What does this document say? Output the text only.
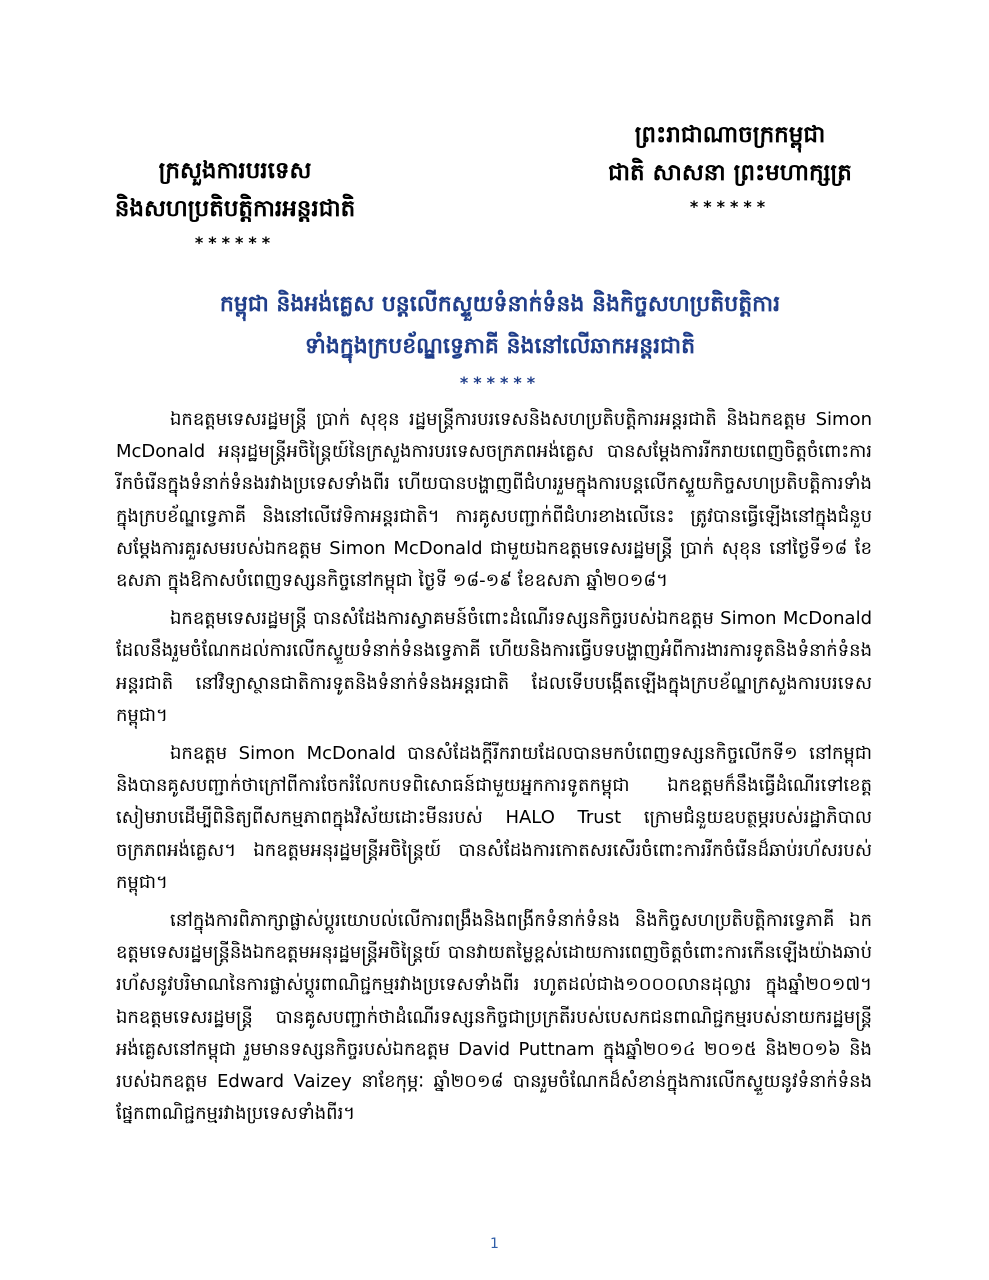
ព្រះរាជាណាចក្រកម្ពុជា
ជាតិ សាសនា ព្រះមហាក្សត្រ
******
ក្រសួងការបរទេស
និងសហប្រតិបត្តិការអន្តរជាតិ
******
កម្ពុជា និងអង់គ្លេស បន្តលើកស្ទួយទំនាក់ទំនង និងកិច្ចសហប្រតិបត្តិការ
ទាំងក្នុងក្របខ័ណ្ឌទ្វេភាគី និងនៅលើឆាកអន្តរជាតិ
******

ឯកឧត្តមទេសរដ្ឋមន្ត្រី ប្រាក់ សុខុន រដ្ឋមន្ត្រីការបរទេសនិងសហប្រតិបត្តិការអន្តរជាតិ និងឯកឧត្តម Simon McDonald អនុរដ្ឋមន្ត្រីអចិន្ត្រៃយ៍នៃក្រសួងការបរទេសចក្រភពអង់គ្លេស បានសម្តែងការរីករាយពេញចិត្តចំពោះការរីកចំរើនក្នុងទំនាក់ទំនងរវាងប្រទេសទាំងពីរ ហើយបានបង្ហាញពីជំហររួមក្នុងការបន្តលើកស្ទួយកិច្ចសហប្រតិបត្តិការទាំងក្នុងក្របខ័ណ្ឌទ្វេភាគី និងនៅលើវេទិកាអន្តរជាតិ។ ការគូសបញ្ជាក់ពីជំហរខាងលើនេះ ត្រូវបានធ្វើឡើងនៅក្នុងជំនួបសម្តែងការគួរសមរបស់ឯកឧត្តម Simon McDonald ជាមួយឯកឧត្តមទេសរដ្ឋមន្ត្រី ប្រាក់ សុខុន នៅថ្ងៃទី១៨ ខែឧសភា ក្នុងឱកាសបំពេញទស្សនកិច្ចនៅកម្ពុជា ថ្ងៃទី ១៨-១៩ ខែឧសភា ឆ្នាំ២០១៨។

ឯកឧត្តមទេសរដ្ឋមន្ត្រី បានសំដែងការស្វាគមន៍ចំពោះដំណើរទស្សនកិច្ចរបស់ឯកឧត្តម Simon McDonald ដែលនឹងរួមចំណែកដល់ការលើកស្ទួយទំនាក់ទំនងទ្វេភាគី ហើយនិងការធ្វើបទបង្ហាញអំពីការងារការទូតនិងទំនាក់ទំនងអន្តរជាតិ នៅវិទ្យាស្ថានជាតិការទូតនិងទំនាក់ទំនងអន្តរជាតិ ដែលទើបបង្កើតឡើងក្នុងក្របខ័ណ្ឌក្រសួងការបរទេសកម្ពុជា។

ឯកឧត្តម Simon McDonald បានសំដែងក្តីរីករាយដែលបានមកបំពេញទស្សនកិច្ចលើកទី១ នៅកម្ពុជា និងបានគូសបញ្ជាក់ថាក្រៅពីការចែករំលែកបទពិសោធន៍ជាមួយអ្នកការទូតកម្ពុជា ឯកឧត្តមក៏នឹងធ្វើដំណើរទៅខេត្តសៀមរាបដើម្បីពិនិត្យពីសកម្មភាពក្នុងវិស័យដោះមីនរបស់ HALO Trust ក្រោមជំនួយឧបត្ថម្ភរបស់រដ្ឋាភិបាលចក្រភពអង់គ្លេស។ ឯកឧត្តមអនុរដ្ឋមន្ត្រីអចិន្ត្រៃយ៍ បានសំដែងការកោតសរសើរចំពោះការរីកចំរើនដ៏ឆាប់រហ័សរបស់កម្ពុជា។

នៅក្នុងការពិភាក្សាផ្លាស់ប្តូរយោបល់លើការពង្រឹងនិងពង្រីកទំនាក់ទំនង និងកិច្ចសហប្រតិបត្តិការទ្វេភាគី ឯកឧត្តមទេសរដ្ឋមន្ត្រីនិងឯកឧត្តមអនុរដ្ឋមន្ត្រីអចិន្ត្រៃយ៍ បានវាយតម្លៃខ្ពស់ដោយការពេញចិត្តចំពោះការកើនឡើងយ៉ាងឆាប់រហ័សនូវបរិមាណនៃការផ្លាស់ប្តូរពាណិជ្ជកម្មរវាងប្រទេសទាំងពីរ រហូតដល់ជាង១០០០លានដុល្លារ ក្នុងឆ្នាំ២០១៧។ ឯកឧត្តមទេសរដ្ឋមន្ត្រី បានគូសបញ្ជាក់ថាដំណើរទស្សនកិច្ចជាប្រក្រតីរបស់បេសកជនពាណិជ្ជកម្មរបស់នាយករដ្ឋមន្ត្រីអង់គ្លេសនៅកម្ពុជា រួមមានទស្សនកិច្ចរបស់ឯកឧត្តម David Puttnam ក្នុងឆ្នាំ២០១៤ ២០១៥ និង២០១៦ និងរបស់ឯកឧត្តម Edward Vaizey នាខែកុម្ភៈ ឆ្នាំ២០១៨ បានរួមចំណែកដ៏សំខាន់ក្នុងការលើកស្ទួយនូវទំនាក់ទំនងផ្នែកពាណិជ្ជកម្មរវាងប្រទេសទាំងពីរ។

1
